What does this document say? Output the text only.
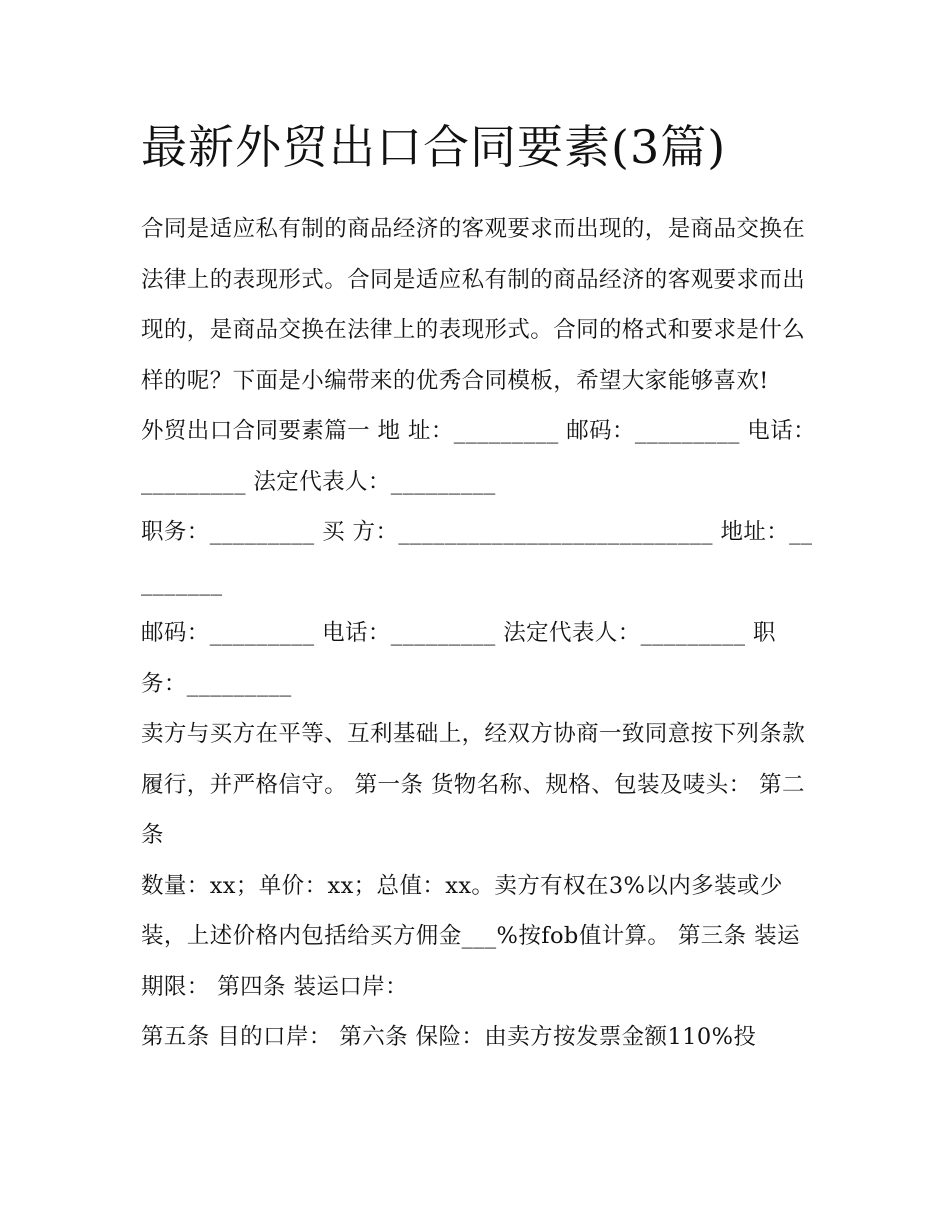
最新外贸出口合同要素(3篇)

合同是适应私有制的商品经济的客观要求而出现的，是商品交换在法律上的表现形式。合同是适应私有制的商品经济的客观要求而出现的，是商品交换在法律上的表现形式。合同的格式和要求是什么样的呢？下面是小编带来的优秀合同模板，希望大家能够喜欢!

外贸出口合同要素篇一 地 址：_________ 邮码：_________ 电话：_________ 法定代表人：_________

职务：_________ 买 方：___________________________ 地址：_________

邮码：_________ 电话：_________ 法定代表人：_________ 职务：_________

卖方与买方在平等、互利基础上，经双方协商一致同意按下列条款履行，并严格信守。 第一条 货物名称、规格、包装及唛头： 第二条

数量：xx；单价：xx；总值：xx。卖方有权在3%以内多装或少装，上述价格内包括给买方佣金___%按fob值计算。 第三条 装运期限： 第四条 装运口岸：

第五条 目的口岸： 第六条 保险：由卖方按发票金额110%投
